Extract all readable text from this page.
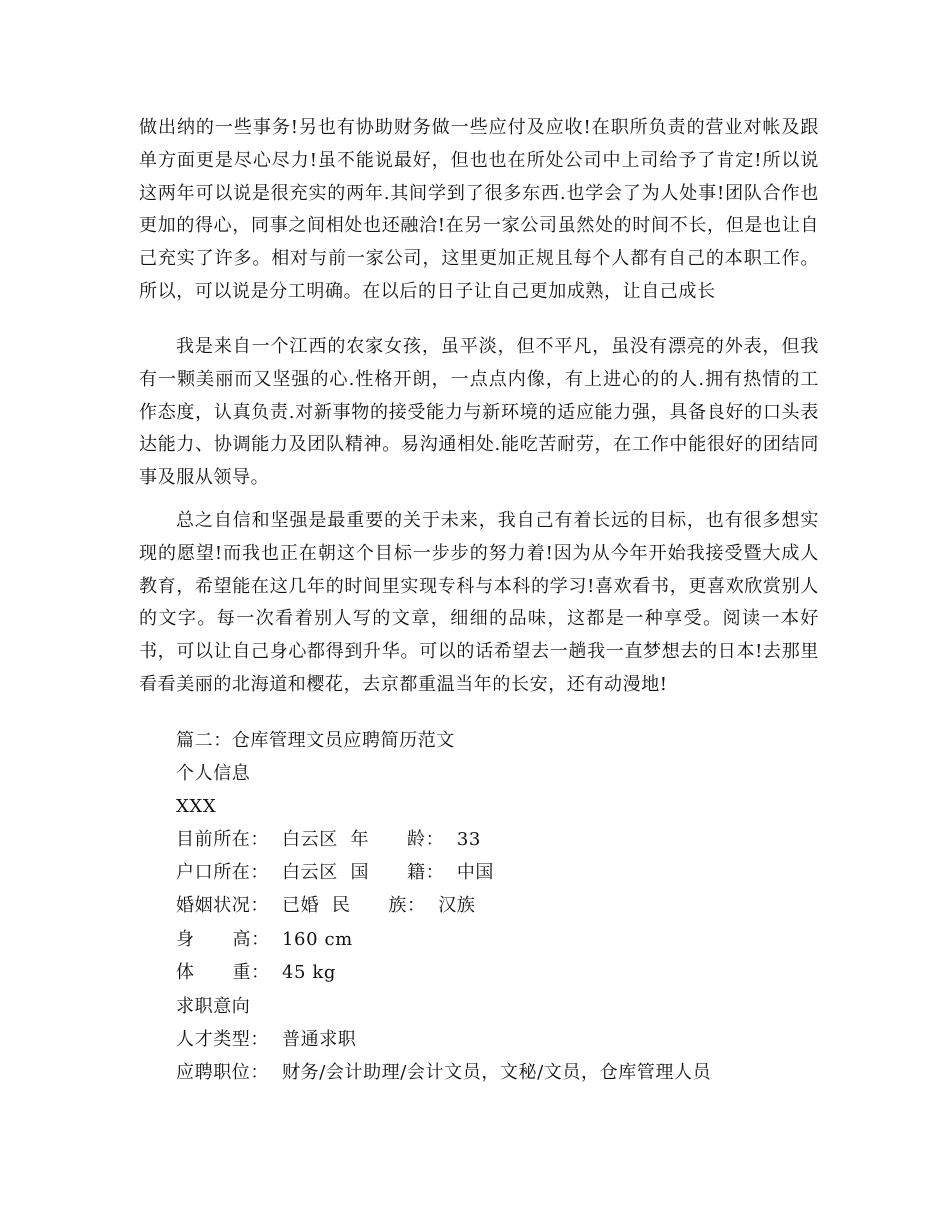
做出纳的一些事务!另也有协助财务做一些应付及应收!在职所负责的营业对帐及跟单方面更是尽心尽力!虽不能说最好，但也也在所处公司中上司给予了肯定!所以说这两年可以说是很充实的两年.其间学到了很多东西.也学会了为人处事!团队合作也更加的得心，同事之间相处也还融洽!在另一家公司虽然处的时间不长，但是也让自己充实了许多。相对与前一家公司，这里更加正规且每个人都有自己的本职工作。所以，可以说是分工明确。在以后的日子让自己更加成熟，让自己成长

我是来自一个江西的农家女孩，虽平淡，但不平凡，虽没有漂亮的外表，但我有一颗美丽而又坚强的心.性格开朗，一点点内像，有上进心的的人.拥有热情的工作态度，认真负责.对新事物的接受能力与新环境的适应能力强，具备良好的口头表达能力、协调能力及团队精神。易沟通相处.能吃苦耐劳，在工作中能很好的团结同事及服从领导。

总之自信和坚强是最重要的关于未来，我自己有着长远的目标，也有很多想实现的愿望!而我也正在朝这个目标一步步的努力着!因为从今年开始我接受暨大成人教育，希望能在这几年的时间里实现专科与本科的学习!喜欢看书，更喜欢欣赏别人的文字。每一次看着别人写的文章，细细的品味，这都是一种享受。阅读一本好书，可以让自己身心都得到升华。可以的话希望去一趟我一直梦想去的日本!去那里看看美丽的北海道和樱花，去京都重温当年的长安，还有动漫地!

篇二：仓库管理文员应聘简历范文
个人信息
XXX
目前所在： 白云区  年      龄：  33
户口所在： 白云区  国      籍：  中国
婚姻状况： 已婚  民      族：  汉族
身      高： 160 cm
体      重： 45 kg
求职意向
人才类型： 普通求职
应聘职位： 财务/会计助理/会计文员，文秘/文员，仓库管理人员
